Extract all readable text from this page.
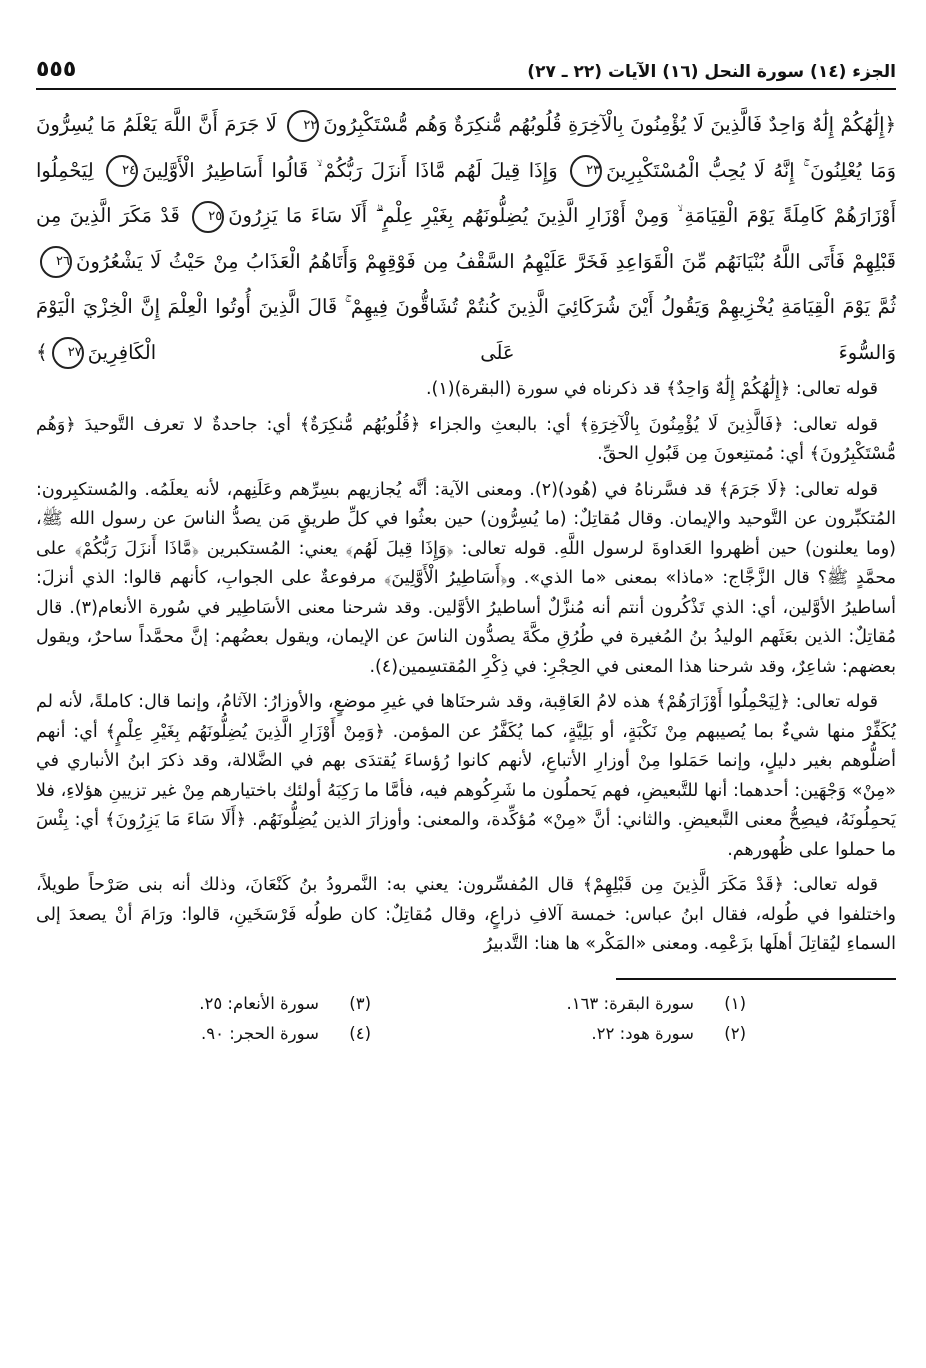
الجزء (١٤) سورة النحل (١٦) الآيات (٢٢ ـ ٢٧)
٥٥٥
﴿إِلَٰهُكُمْ إِلَٰهٌ وَاحِدٌ فَالَّذِينَ لَا يُؤْمِنُونَ بِالْآخِرَةِ قُلُوبُهُم مُّنكِرَةٌ وَهُم مُّسْتَكْبِرُونَ٢٢ لَا جَرَمَ أَنَّ اللَّهَ يَعْلَمُ مَا يُسِرُّونَ وَمَا يُعْلِنُونَ ۚ إِنَّهُ لَا يُحِبُّ الْمُسْتَكْبِرِينَ٢٣ وَإِذَا قِيلَ لَهُم مَّاذَا أَنزَلَ رَبُّكُمْ ۙ قَالُوا أَسَاطِيرُ الْأَوَّلِينَ٢٤ لِيَحْمِلُوا أَوْزَارَهُمْ كَامِلَةً يَوْمَ الْقِيَامَةِ ۙ وَمِنْ أَوْزَارِ الَّذِينَ يُضِلُّونَهُم بِغَيْرِ عِلْمٍ ۗ أَلَا سَاءَ مَا يَزِرُونَ٢٥ قَدْ مَكَرَ الَّذِينَ مِن قَبْلِهِمْ فَأَتَى اللَّهُ بُنْيَانَهُم مِّنَ الْقَوَاعِدِ فَخَرَّ عَلَيْهِمُ السَّقْفُ مِن فَوْقِهِمْ وَأَتَاهُمُ الْعَذَابُ مِنْ حَيْثُ لَا يَشْعُرُونَ٢٦ ثُمَّ يَوْمَ الْقِيَامَةِ يُخْزِيهِمْ وَيَقُولُ أَيْنَ شُرَكَائِيَ الَّذِينَ كُنتُمْ تُشَاقُّونَ فِيهِمْ ۚ قَالَ الَّذِينَ أُوتُوا الْعِلْمَ إِنَّ الْخِزْيَ الْيَوْمَ وَالسُّوءَ عَلَى الْكَافِرِينَ٢٧﴾

قوله تعالى: ﴿إِلَٰهُكُمْ إِلَٰهٌ وَاحِدٌ﴾ قد ذكرناه في سورة (البقرة)(١).

قوله تعالى: ﴿فَالَّذِينَ لَا يُؤْمِنُونَ بِالْآخِرَةِ﴾ أي: بالبعثِ والجزاء ﴿قُلُوبُهُم مُّنكِرَةٌ﴾ أي: جاحدةٌ لا تعرف التَّوحيدَ ﴿وَهُم مُّسْتَكْبِرُونَ﴾ أي: مُمتنِعونَ مِن قَبُولِ الحقِّ.

قوله تعالى: ﴿لَا جَرَمَ﴾ قد فسَّرناهُ في (هُود)(٢). ومعنى الآية: أنَّه يُجازيهم بسِرِّهم وعَلَنِهم، لأنه يعلَمُه. والمُستكبِرون: المُتكبِّرون عن التَّوحيد والإيمان. وقال مُقاتِلٌ: (ما يُسِرُّون) حين بعثُوا في كلِّ طريقٍ مَن يصدُّ الناسَ عن رسول الله ﷺ، (وما يعلنون) حين أظهروا العَداوةَ لرسول اللَّهِ. قوله تعالى: ﴿وَإِذَا قِيلَ لَهُم﴾ يعني: المُستكبرين ﴿مَّاذَا أَنزَلَ رَبُّكُمْ﴾ على محمَّدٍ ﷺ؟ قال الزَّجَّاج: «ماذا» بمعنى «ما الذي». و﴿أَسَاطِيرُ الْأَوَّلِينَ﴾ مرفوعةٌ على الجوابِ، كأنهم قالوا: الذي أنزلَ: أساطيرُ الأوَّلين، أي: الذي تَذْكُرون أنتم أنه مُنزَّلٌ أساطيرُ الأوَّلين. وقد شرحنا معنى الأسَاطِير في سُورة الأنعام(٣). قال مُقاتِلٌ: الذين بعَثَهم الوليدُ بنُ المُغيرة في طُرُقِ مكَّةَ يصدُّون الناسَ عن الإيمان، ويقول بعضُهم: إنَّ محمَّداً ساحرٌ، ويقول بعضهم: شاعِرٌ، وقد شرحنا هذا المعنى في الحِجْرِ: في ذِكْرِ المُقتسِمين(٤).

قوله تعالى: ﴿لِيَحْمِلُوا أَوْزَارَهُمْ﴾ هذه لامُ العَاقِبة، وقد شرحنَاها في غيرِ موضعٍ، والأوزارُ: الآثامُ، وإنما قال: كاملةً، لأنه لم يُكَفِّرْ منها شيءٌ بما يُصيبهم مِنْ نَكْبَةٍ، أو بَلِيَّةٍ، كما يُكَفَّرُ عن المؤمن. ﴿وَمِنْ أَوْزَارِ الَّذِينَ يُضِلُّونَهُم بِغَيْرِ عِلْمٍ﴾ أي: أنهم أضلُّوهم بغير دليلٍ، وإنما حَمَلوا مِنْ أوزارِ الأتباعِ، لأنهم كانوا رُؤساءَ يُقتدَى بهم في الضَّلالة، وقد ذكرَ ابنُ الأنباري في «مِنْ» وَجْهَين: أحدهما: أنها للتَّبعيضِ، فهم يَحملُون ما شَرِكُوهم فيه، فأمَّا ما رَكِبَهُ أولئك باختيارهم مِنْ غير تزيينِ هؤلاءِ، فلا يَحمِلُونَهُ، فيصِحُّ معنى التَّبعيضِ. والثاني: أنَّ «مِنْ» مُؤكِّدة، والمعنى: وأوزارَ الذين يُضِلُّونَهُم. ﴿أَلَا سَاءَ مَا يَزِرُونَ﴾ أي: بِئْسَ ما حملوا على ظُهورهم.

قوله تعالى: ﴿قَدْ مَكَرَ الَّذِينَ مِن قَبْلِهِمْ﴾ قال المُفسِّرون: يعني به: النَّمرودُ بنُ كَنْعَانَ، وذلك أنه بنى صَرْحاً طويلاً، واختلفوا في طُوله، فقال ابنُ عباس: خمسة آلافِ ذراعٍ، وقال مُقاتِلٌ: كان طولُه فَرْسَخَينِ، قالوا: ورَامَ أنْ يصعدَ إلى السماءِ ليُقاتِلَ أهلَها بزَعْمِه. ومعنى «المَكْر» ها هنا: التَّدبيرُ

(١)
سورة البقرة: ١٦٣.
(٣)
سورة الأنعام: ٢٥.
(٢)
سورة هود: ٢٢.
(٤)
سورة الحجر: ٩٠.
